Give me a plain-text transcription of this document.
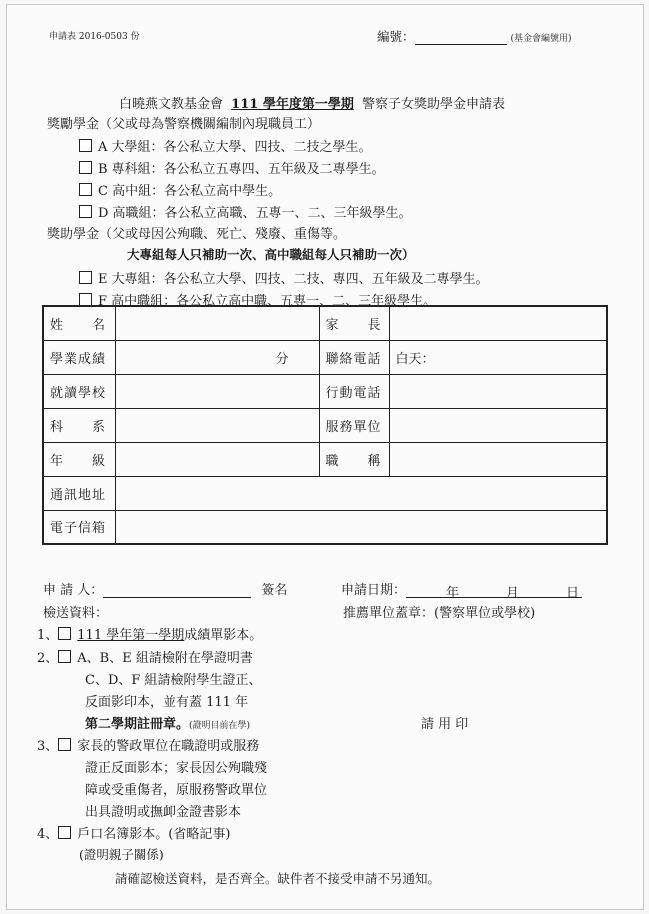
申請表 2016-0503 份	編號：	(基金會編號用)
白曉燕文教基金會 111 學年度第一學期 警察子女獎助學金申請表
獎勵學金（父或母為警察機關編制內現職員工）
A 大學組：各公私立大學、四技、二技之學生。
B 專科組：各公私立五專四、五年級及二專學生。
C 高中組：各公私立高中學生。
D 高職組：各公私立高職、五專一、二、三年級學生。
獎助學金（父或母因公殉職、死亡、殘廢、重傷等。
大專組每人只補助一次、高中職組每人只補助一次）
E 大專組：各公私立大學、四技、二技、專四、五年級及二專學生。
F 高中職組：各公私立高中職、五專一、二、三年級學生。
姓　　名		家　　長	
學業成績	分	聯絡電話	白天：
就讀學校		行動電話	
科　　系		服務單位	
年　　級		職　　稱	
通訊地址			
電子信箱			
申 請 人：	簽名	申請日期：	年	月	日
檢送資料：	推薦單位蓋章：(警察單位或學校)
1、 111 學年第一學期成績單影本。
2、 A、B、E 組請檢附在學證明書
C、D、F 組請檢附學生證正、
反面影印本，並有蓋 111 年
第二學期註冊章。(證明目前在學)	請 用 印
3、 家長的警政單位在職證明或服務
證正反面影本；家長因公殉職殘
障或受重傷者，原服務警政單位
出具證明或撫卹金證書影本
4、 戶口名簿影本。(省略記事)
(證明親子關係)
請確認檢送資料，是否齊全。缺件者不接受申請不另通知。
